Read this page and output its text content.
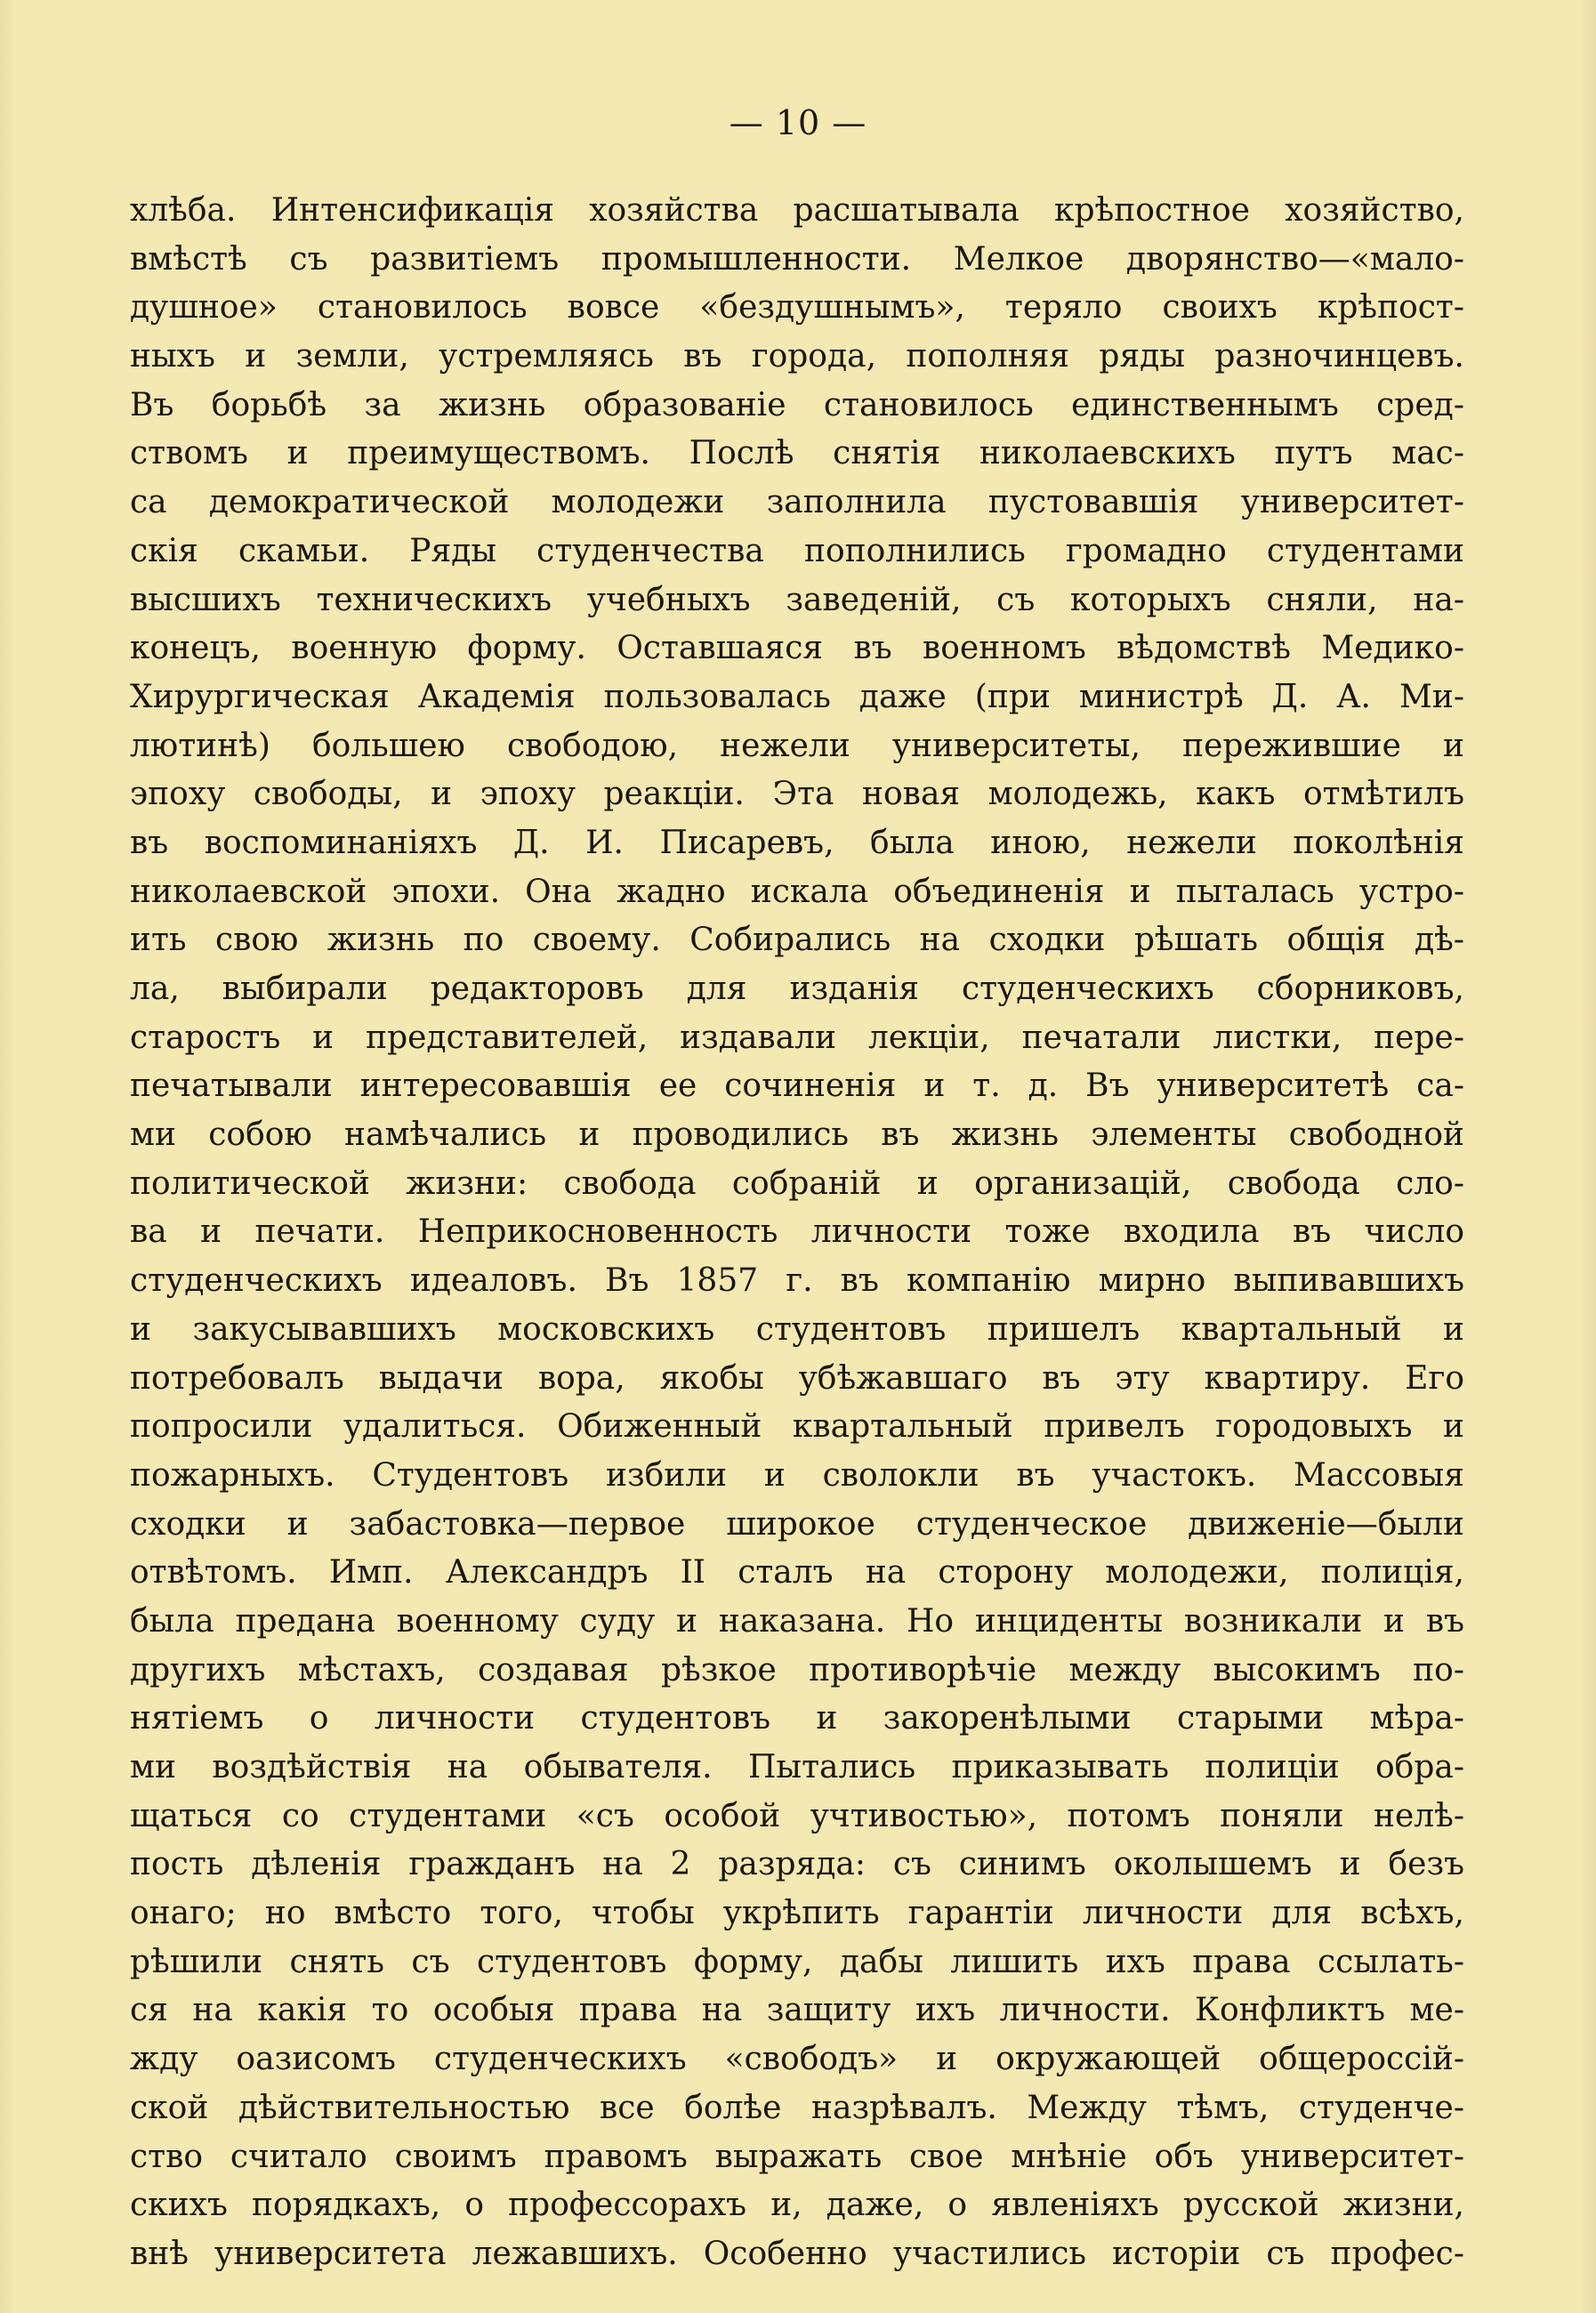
— 10 —
хлѣба. Интенсификація хозяйства расшатывала крѣпостное хозяйство,
вмѣстѣ съ развитіемъ промышленности. Мелкое дворянство—«мало-
душное» становилось вовсе «бездушнымъ», теряло своихъ крѣпост-
ныхъ и земли, устремляясь въ города, пополняя ряды разночинцевъ.
Въ борьбѣ за жизнь образованіе становилось единственнымъ сред-
ствомъ и преимуществомъ. Послѣ снятія николаевскихъ путъ мас-
са демократической молодежи заполнила пустовавшія университет-
скія скамьи. Ряды студенчества пополнились громадно студентами
высшихъ техническихъ учебныхъ заведеній, съ которыхъ сняли, на-
конецъ, военную форму. Оставшаяся въ военномъ вѣдомствѣ Медико-
Хирургическая Академія пользовалась даже (при министрѣ Д. А. Ми-
лютинѣ) большею свободою, нежели университеты, пережившие и
эпоху свободы, и эпоху реакціи. Эта новая молодежь, какъ отмѣтилъ
въ воспоминаніяхъ Д. И. Писаревъ, была иною, нежели поколѣнія
николаевской эпохи. Она жадно искала объединенія и пыталась устро-
ить свою жизнь по своему. Собирались на сходки рѣшать общія дѣ-
ла, выбирали редакторовъ для изданія студенческихъ сборниковъ,
старостъ и представителей, издавали лекціи, печатали листки, пере-
печатывали интересовавшія ее сочиненія и т. д. Въ университетѣ са-
ми собою намѣчались и проводились въ жизнь элементы свободной
политической жизни: свобода собраній и организацій, свобода сло-
ва и печати. Неприкосновенность личности тоже входила въ число
студенческихъ идеаловъ. Въ 1857 г. въ компанію мирно выпивавшихъ
и закусывавшихъ московскихъ студентовъ пришелъ квартальный и
потребовалъ выдачи вора, якобы убѣжавшаго въ эту квартиру. Его
попросили удалиться. Обиженный квартальный привелъ городовыхъ и
пожарныхъ. Студентовъ избили и сволокли въ участокъ. Массовыя
сходки и забастовка—первое широкое студенческое движеніе—были
отвѣтомъ. Имп. Александръ II сталъ на сторону молодежи, полиція,
была предана военному суду и наказана. Но инциденты возникали и въ
другихъ мѣстахъ, создавая рѣзкое противорѣчіе между высокимъ по-
нятіемъ о личности студентовъ и закоренѣлыми старыми мѣра-
ми воздѣйствія на обывателя. Пытались приказывать полиціи обра-
щаться со студентами «съ особой учтивостью», потомъ поняли нелѣ-
пость дѣленія гражданъ на 2 разряда: съ синимъ околышемъ и безъ
онаго; но вмѣсто того, чтобы укрѣпить гарантіи личности для всѣхъ,
рѣшили снять съ студентовъ форму, дабы лишить ихъ права ссылать-
ся на какія то особыя права на защиту ихъ личности. Конфликтъ ме-
жду оазисомъ студенческихъ «свободъ» и окружающей общероссій-
ской дѣйствительностью все болѣе назрѣвалъ. Между тѣмъ, студенче-
ство считало своимъ правомъ выражать свое мнѣніе объ университет-
скихъ порядкахъ, о профессорахъ и, даже, о явленіяхъ русской жизни,
внѣ университета лежавшихъ. Особенно участились исторіи съ профес-
